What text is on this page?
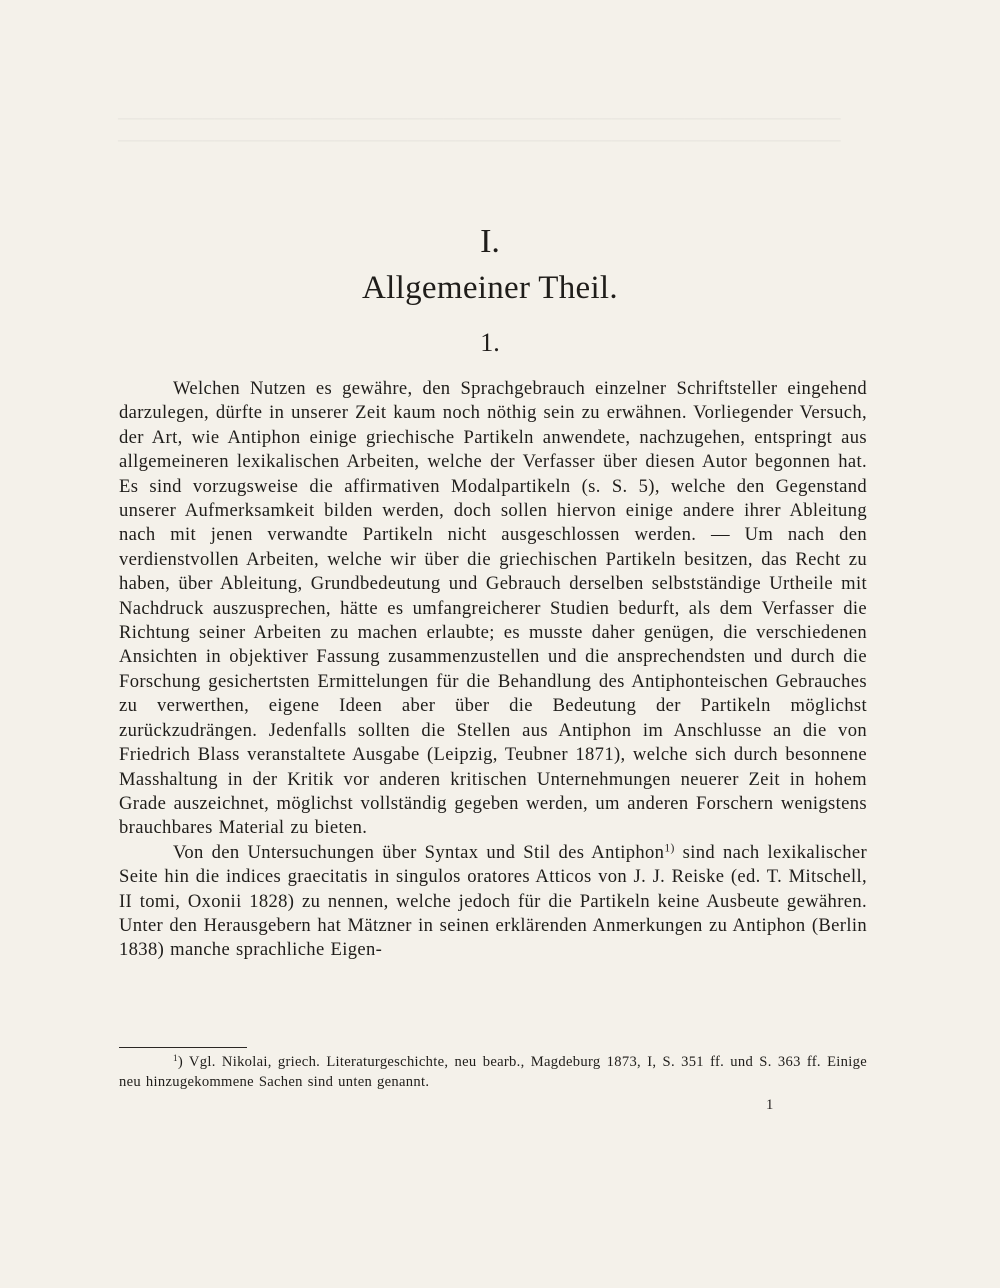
────────────────────────────────────────────────────────────
────────────────────────────────────────────────────────────
I.
Allgemeiner Theil.
1.

Welchen Nutzen es gewähre, den Sprachgebrauch einzelner Schriftsteller eingehend darzulegen, dürfte in unserer Zeit kaum noch nöthig sein zu erwähnen. Vorliegender Versuch, der Art, wie Antiphon einige griechische Partikeln anwendete, nachzugehen, entspringt aus allgemeineren lexikalischen Arbeiten, welche der Verfasser über diesen Autor begonnen hat. Es sind vorzugsweise die affirmativen Modalpartikeln (s. S. 5), welche den Gegenstand unserer Aufmerksamkeit bilden werden, doch sollen hiervon einige andere ihrer Ableitung nach mit jenen verwandte Partikeln nicht ausgeschlossen werden. — Um nach den verdienstvollen Arbeiten, welche wir über die griechischen Partikeln besitzen, das Recht zu haben, über Ableitung, Grundbedeutung und Gebrauch derselben selbstständige Urtheile mit Nachdruck auszusprechen, hätte es umfangreicherer Studien bedurft, als dem Verfasser die Richtung seiner Arbeiten zu machen erlaubte; es musste daher genügen, die verschiedenen Ansichten in objektiver Fassung zusammenzustellen und die ansprechendsten und durch die Forschung gesichertsten Ermittelungen für die Behandlung des Antiphonteischen Gebrauches zu verwerthen, eigene Ideen aber über die Bedeutung der Partikeln möglichst zurückzudrängen. Jedenfalls sollten die Stellen aus Antiphon im Anschlusse an die von Friedrich Blass veranstaltete Ausgabe (Leipzig, Teubner 1871), welche sich durch besonnene Masshaltung in der Kritik vor anderen kritischen Unternehmungen neuerer Zeit in hohem Grade auszeichnet, möglichst vollständig gegeben werden, um anderen Forschern wenigstens brauchbares Material zu bieten.

Von den Untersuchungen über Syntax und Stil des Antiphon$^{1)}$ sind nach lexikalischer Seite hin die indices graecitatis in singulos oratores Atticos von J. J. Reiske (ed. T. Mitschell, II tomi, Oxonii 1828) zu nennen, welche jedoch für die Partikeln keine Ausbeute gewähren. Unter den Herausgebern hat Mätzner in seinen erklärenden Anmerkungen zu Antiphon (Berlin 1838) manche sprachliche Eigen-

$^1$) Vgl. Nikolai, griech. Literaturgeschichte, neu bearb., Magdeburg 1873, I, S. 351 ff. und S. 363 ff. Einige neu hinzugekommene Sachen sind unten genannt.

1
